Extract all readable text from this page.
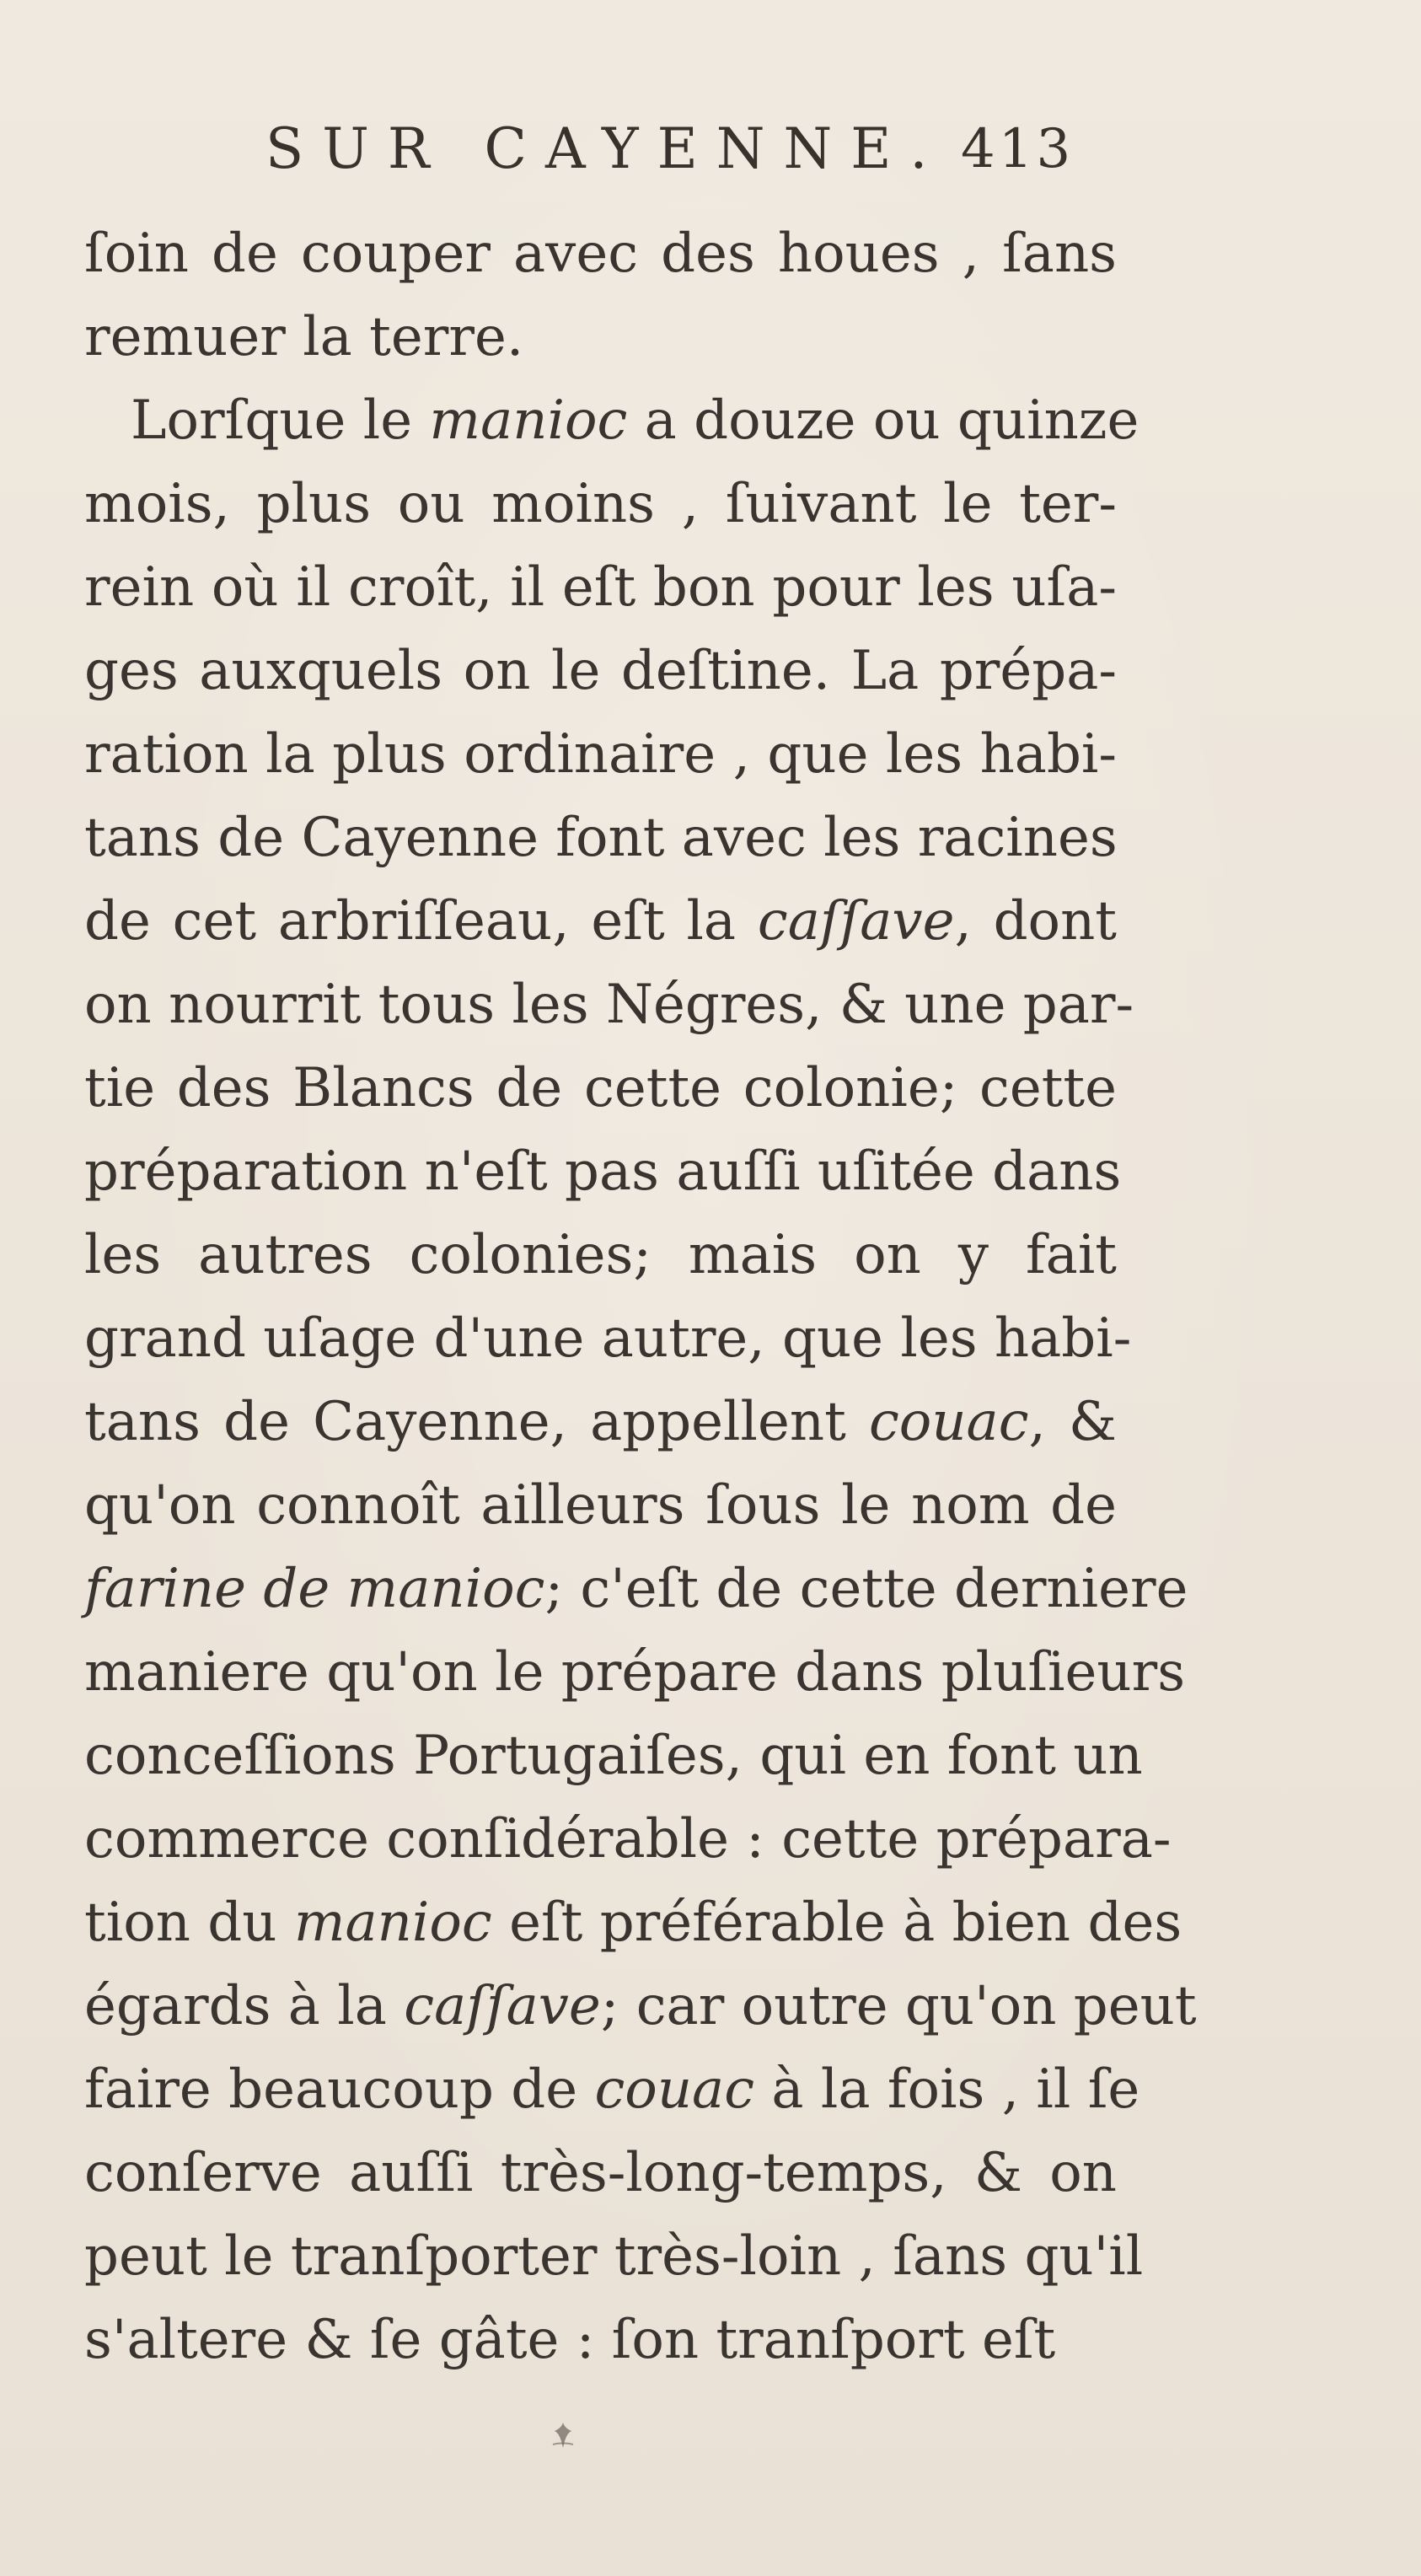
SUR CAYENNE. 413
ſoin de couper avec des houes , ſans
remuer la terre.
Lorſque le manioc a douze ou quinze
mois, plus ou moins , ſuivant le ter-
rein où il croît, il eſt bon pour les uſa-
ges auxquels on le deſtine. La prépa-
ration la plus ordinaire , que les habi-
tans de Cayenne font avec les racines
de cet arbriſſeau, eſt la caſſave, dont
on nourrit tous les Négres, & une par-
tie des Blancs de cette colonie; cette
préparation n'eſt pas auſſi uſitée dans
les autres colonies; mais on y fait
grand uſage d'une autre, que les habi-
tans de Cayenne, appellent couac, &
qu'on connoît ailleurs ſous le nom de
farine de manioc; c'eſt de cette derniere
maniere qu'on le prépare dans pluſieurs
conceſſions Portugaiſes, qui en font un
commerce conſidérable : cette prépara-
tion du manioc eſt préférable à bien des
égards à la caſſave; car outre qu'on peut
faire beaucoup de couac à la fois , il ſe
conſerve auſſi très-long-temps, & on
peut le tranſporter très-loin , ſans qu'il
s'altere & ſe gâte : ſon tranſport eſt
